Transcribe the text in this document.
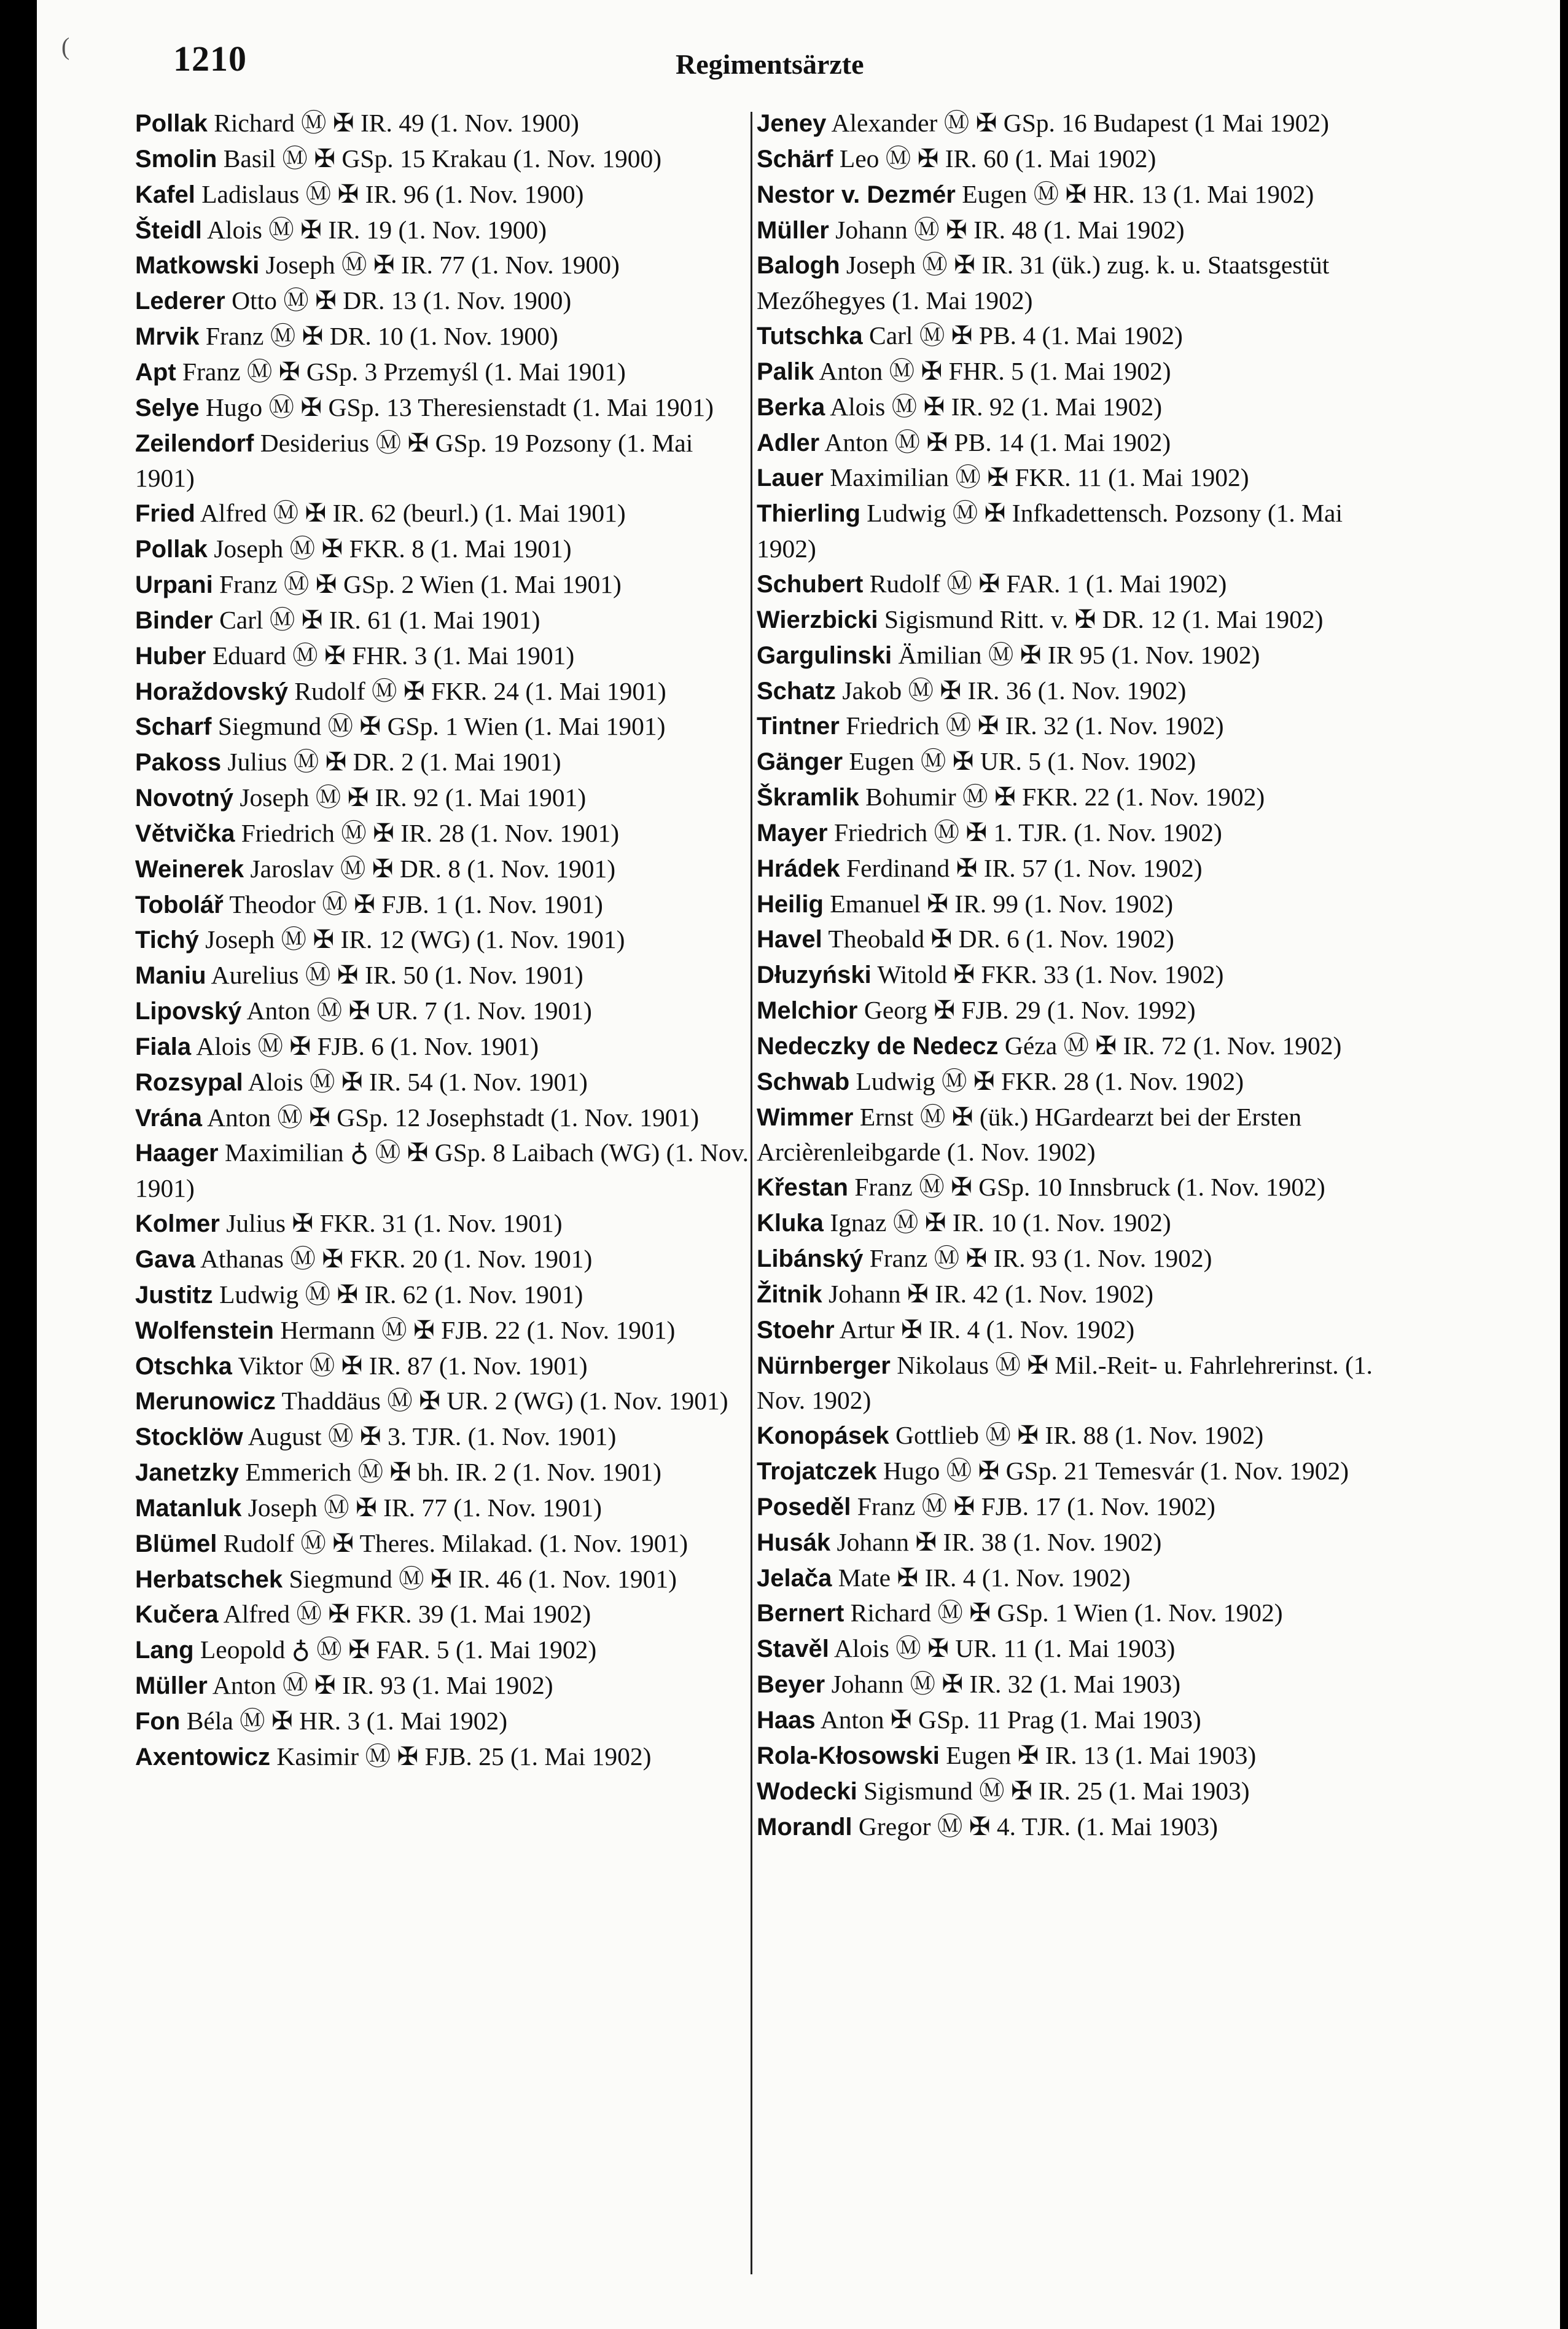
(	1210	Regimentsärzte

Pollak Richard Ⓜ ✠ IR. 49 (1. Nov. 1900)

Smolin Basil Ⓜ ✠ GSp. 15 Krakau (1. Nov. 1900)

Kafel Ladislaus Ⓜ ✠ IR. 96 (1. Nov. 1900)

Šteidl Alois Ⓜ ✠ IR. 19 (1. Nov. 1900)

Matkowski Joseph Ⓜ ✠ IR. 77 (1. Nov. 1900)

Lederer Otto Ⓜ ✠ DR. 13 (1. Nov. 1900)

Mrvik Franz Ⓜ ✠ DR. 10 (1. Nov. 1900)

Apt Franz Ⓜ ✠ GSp. 3 Przemyśl (1. Mai 1901)

Selye Hugo Ⓜ ✠ GSp. 13 Theresienstadt (1. Mai 1901)

Zeilendorf Desiderius Ⓜ ✠ GSp. 19 Pozsony (1. Mai 1901)

Fried Alfred Ⓜ ✠ IR. 62 (beurl.) (1. Mai 1901)

Pollak Joseph Ⓜ ✠ FKR. 8 (1. Mai 1901)

Urpani Franz Ⓜ ✠ GSp. 2 Wien (1. Mai 1901)

Binder Carl Ⓜ ✠ IR. 61 (1. Mai 1901)

Huber Eduard Ⓜ ✠ FHR. 3 (1. Mai 1901)

Horaždovský Rudolf Ⓜ ✠ FKR. 24 (1. Mai 1901)

Scharf Siegmund Ⓜ ✠ GSp. 1 Wien (1. Mai 1901)

Pakoss Julius Ⓜ ✠ DR. 2 (1. Mai 1901)

Novotný Joseph Ⓜ ✠ IR. 92 (1. Mai 1901)

Větvička Friedrich Ⓜ ✠ IR. 28 (1. Nov. 1901)

Weinerek Jaroslav Ⓜ ✠ DR. 8 (1. Nov. 1901)

Tobolář Theodor Ⓜ ✠ FJB. 1 (1. Nov. 1901)

Tichý Joseph Ⓜ ✠ IR. 12 (WG) (1. Nov. 1901)

Maniu Aurelius Ⓜ ✠ IR. 50 (1. Nov. 1901)

Lipovský Anton Ⓜ ✠ UR. 7 (1. Nov. 1901)

Fiala Alois Ⓜ ✠ FJB. 6 (1. Nov. 1901)

Rozsypal Alois Ⓜ ✠ IR. 54 (1. Nov. 1901)

Vrána Anton Ⓜ ✠ GSp. 12 Josephstadt (1. Nov. 1901)

Haager Maximilian ♁ Ⓜ ✠ GSp. 8 Laibach (WG) (1. Nov. 1901)

Kolmer Julius ✠ FKR. 31 (1. Nov. 1901)

Gava Athanas Ⓜ ✠ FKR. 20 (1. Nov. 1901)

Justitz Ludwig Ⓜ ✠ IR. 62 (1. Nov. 1901)

Wolfenstein Hermann Ⓜ ✠ FJB. 22 (1. Nov. 1901)

Otschka Viktor Ⓜ ✠ IR. 87 (1. Nov. 1901)

Merunowicz Thaddäus Ⓜ ✠ UR. 2 (WG) (1. Nov. 1901)

Stocklöw August Ⓜ ✠ 3. TJR. (1. Nov. 1901)

Janetzky Emmerich Ⓜ ✠ bh. IR. 2 (1. Nov. 1901)

Matanluk Joseph Ⓜ ✠ IR. 77 (1. Nov. 1901)

Blümel Rudolf Ⓜ ✠ Theres. Milakad. (1. Nov. 1901)

Herbatschek Siegmund Ⓜ ✠ IR. 46 (1. Nov. 1901)

Kučera Alfred Ⓜ ✠ FKR. 39 (1. Mai 1902)

Lang Leopold ♁ Ⓜ ✠ FAR. 5 (1. Mai 1902)

Müller Anton Ⓜ ✠ IR. 93 (1. Mai 1902)

Fon Béla Ⓜ ✠ HR. 3 (1. Mai 1902)

Axentowicz Kasimir Ⓜ ✠ FJB. 25 (1. Mai 1902)

Jeney Alexander Ⓜ ✠ GSp. 16 Budapest (1 Mai 1902)

Schärf Leo Ⓜ ✠ IR. 60 (1. Mai 1902)

Nestor v. Dezmér Eugen Ⓜ ✠ HR. 13 (1. Mai 1902)

Müller Johann Ⓜ ✠ IR. 48 (1. Mai 1902)

Balogh Joseph Ⓜ ✠ IR. 31 (ük.) zug. k. u. Staatsgestüt Mezőhegyes (1. Mai 1902)

Tutschka Carl Ⓜ ✠ PB. 4 (1. Mai 1902)

Palik Anton Ⓜ ✠ FHR. 5 (1. Mai 1902)

Berka Alois Ⓜ ✠ IR. 92 (1. Mai 1902)

Adler Anton Ⓜ ✠ PB. 14 (1. Mai 1902)

Lauer Maximilian Ⓜ ✠ FKR. 11 (1. Mai 1902)

Thierling Ludwig Ⓜ ✠ Infkadettensch. Pozsony (1. Mai 1902)

Schubert Rudolf Ⓜ ✠ FAR. 1 (1. Mai 1902)

Wierzbicki Sigismund Ritt. v. ✠ DR. 12 (1. Mai 1902)

Gargulinski Ämilian Ⓜ ✠ IR 95 (1. Nov. 1902)

Schatz Jakob Ⓜ ✠ IR. 36 (1. Nov. 1902)

Tintner Friedrich Ⓜ ✠ IR. 32 (1. Nov. 1902)

Gänger Eugen Ⓜ ✠ UR. 5 (1. Nov. 1902)

Škramlik Bohumir Ⓜ ✠ FKR. 22 (1. Nov. 1902)

Mayer Friedrich Ⓜ ✠ 1. TJR. (1. Nov. 1902)

Hrádek Ferdinand ✠ IR. 57 (1. Nov. 1902)

Heilig Emanuel ✠ IR. 99 (1. Nov. 1902)

Havel Theobald ✠ DR. 6 (1. Nov. 1902)

Dłuzyński Witold ✠ FKR. 33 (1. Nov. 1902)

Melchior Georg ✠ FJB. 29 (1. Nov. 1992)

Nedeczky de Nedecz Géza Ⓜ ✠ IR. 72 (1. Nov. 1902)

Schwab Ludwig Ⓜ ✠ FKR. 28 (1. Nov. 1902)

Wimmer Ernst Ⓜ ✠ (ük.) HGardearzt bei der Ersten Arcièrenleibgarde (1. Nov. 1902)

Křestan Franz Ⓜ ✠ GSp. 10 Innsbruck (1. Nov. 1902)

Kluka Ignaz Ⓜ ✠ IR. 10 (1. Nov. 1902)

Libánský Franz Ⓜ ✠ IR. 93 (1. Nov. 1902)

Žitnik Johann ✠ IR. 42 (1. Nov. 1902)

Stoehr Artur ✠ IR. 4 (1. Nov. 1902)

Nürnberger Nikolaus Ⓜ ✠ Mil.-Reit- u. Fahrlehrerinst. (1. Nov. 1902)

Konopásek Gottlieb Ⓜ ✠ IR. 88 (1. Nov. 1902)

Trojatczek Hugo Ⓜ ✠ GSp. 21 Temesvár (1. Nov. 1902)

Poseděl Franz Ⓜ ✠ FJB. 17 (1. Nov. 1902)

Husák Johann ✠ IR. 38 (1. Nov. 1902)

Jelača Mate ✠ IR. 4 (1. Nov. 1902)

Bernert Richard Ⓜ ✠ GSp. 1 Wien (1. Nov. 1902)

Stavěl Alois Ⓜ ✠ UR. 11 (1. Mai 1903)

Beyer Johann Ⓜ ✠ IR. 32 (1. Mai 1903)

Haas Anton ✠ GSp. 11 Prag (1. Mai 1903)

Rola-Kłosowski Eugen ✠ IR. 13 (1. Mai 1903)

Wodecki Sigismund Ⓜ ✠ IR. 25 (1. Mai 1903)

Morandl Gregor Ⓜ ✠ 4. TJR. (1. Mai 1903)
